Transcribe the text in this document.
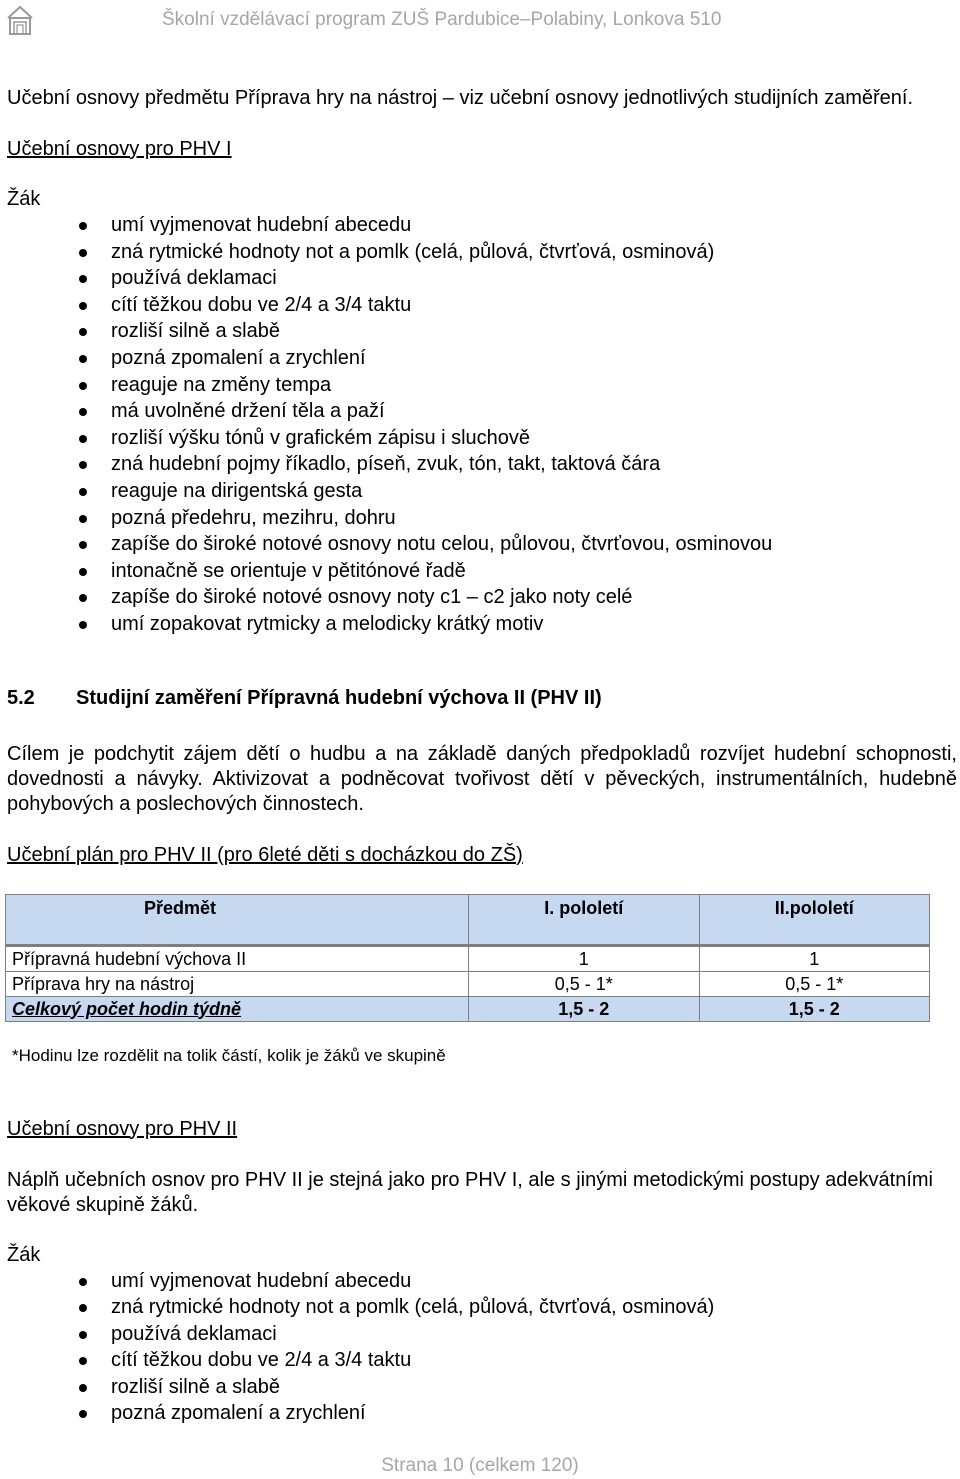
Školní vzdělávací program ZUŠ Pardubice–Polabiny, Lonkova 510

Učební osnovy předmětu Příprava hry na nástroj – viz učební osnovy jednotlivých studijních zaměření.

Učební osnovy pro PHV I

Žák

umí vyjmenovat hudební abecedu
zná rytmické hodnoty not a pomlk (celá, půlová, čtvrťová, osminová)
používá deklamaci
cítí těžkou dobu ve 2/4 a 3/4 taktu
rozliší silně a slabě
pozná zpomalení a zrychlení
reaguje na změny tempa
má uvolněné držení těla a paží
rozliší výšku tónů v grafickém zápisu i sluchově
zná hudební pojmy říkadlo, píseň, zvuk, tón, takt, taktová čára
reaguje na dirigentská gesta
pozná předehru, mezihru, dohru
zapíše do široké notové osnovy notu celou, půlovou, čtvrťovou, osminovou
intonačně se orientuje v pětitónové řadě
zapíše do široké notové osnovy noty c1 – c2 jako noty celé
umí zopakovat rytmicky a melodicky krátký motiv
5.2 Studijní zaměření Přípravná hudební výchova II (PHV II)

Cílem je podchytit zájem dětí o hudbu a na základě daných předpokladů rozvíjet hudební schopnosti, dovednosti a návyky. Aktivizovat a podněcovat tvořivost dětí v pěveckých, instrumentálních, hudebně pohybových a poslechových činnostech.

Učební plán pro PHV II (pro 6leté děti s docházkou do ZŠ)

Předmět	I. pololetí	II.pololetí
Přípravná hudební výchova II	1	1
Příprava hry na nástroj	0,5 - 1*	0,5 - 1*
Celkový počet hodin týdně	1,5 - 2	1,5 - 2

*Hodinu lze rozdělit na tolik částí, kolik je žáků ve skupině

Učební osnovy pro PHV II

Náplň učebních osnov pro PHV II je stejná jako pro PHV I, ale s jinými metodickými postupy adekvátními věkové skupině žáků.

Žák

umí vyjmenovat hudební abecedu
zná rytmické hodnoty not a pomlk (celá, půlová, čtvrťová, osminová)
používá deklamaci
cítí těžkou dobu ve 2/4 a 3/4 taktu
rozliší silně a slabě
pozná zpomalení a zrychlení
Strana 10 (celkem 120)
